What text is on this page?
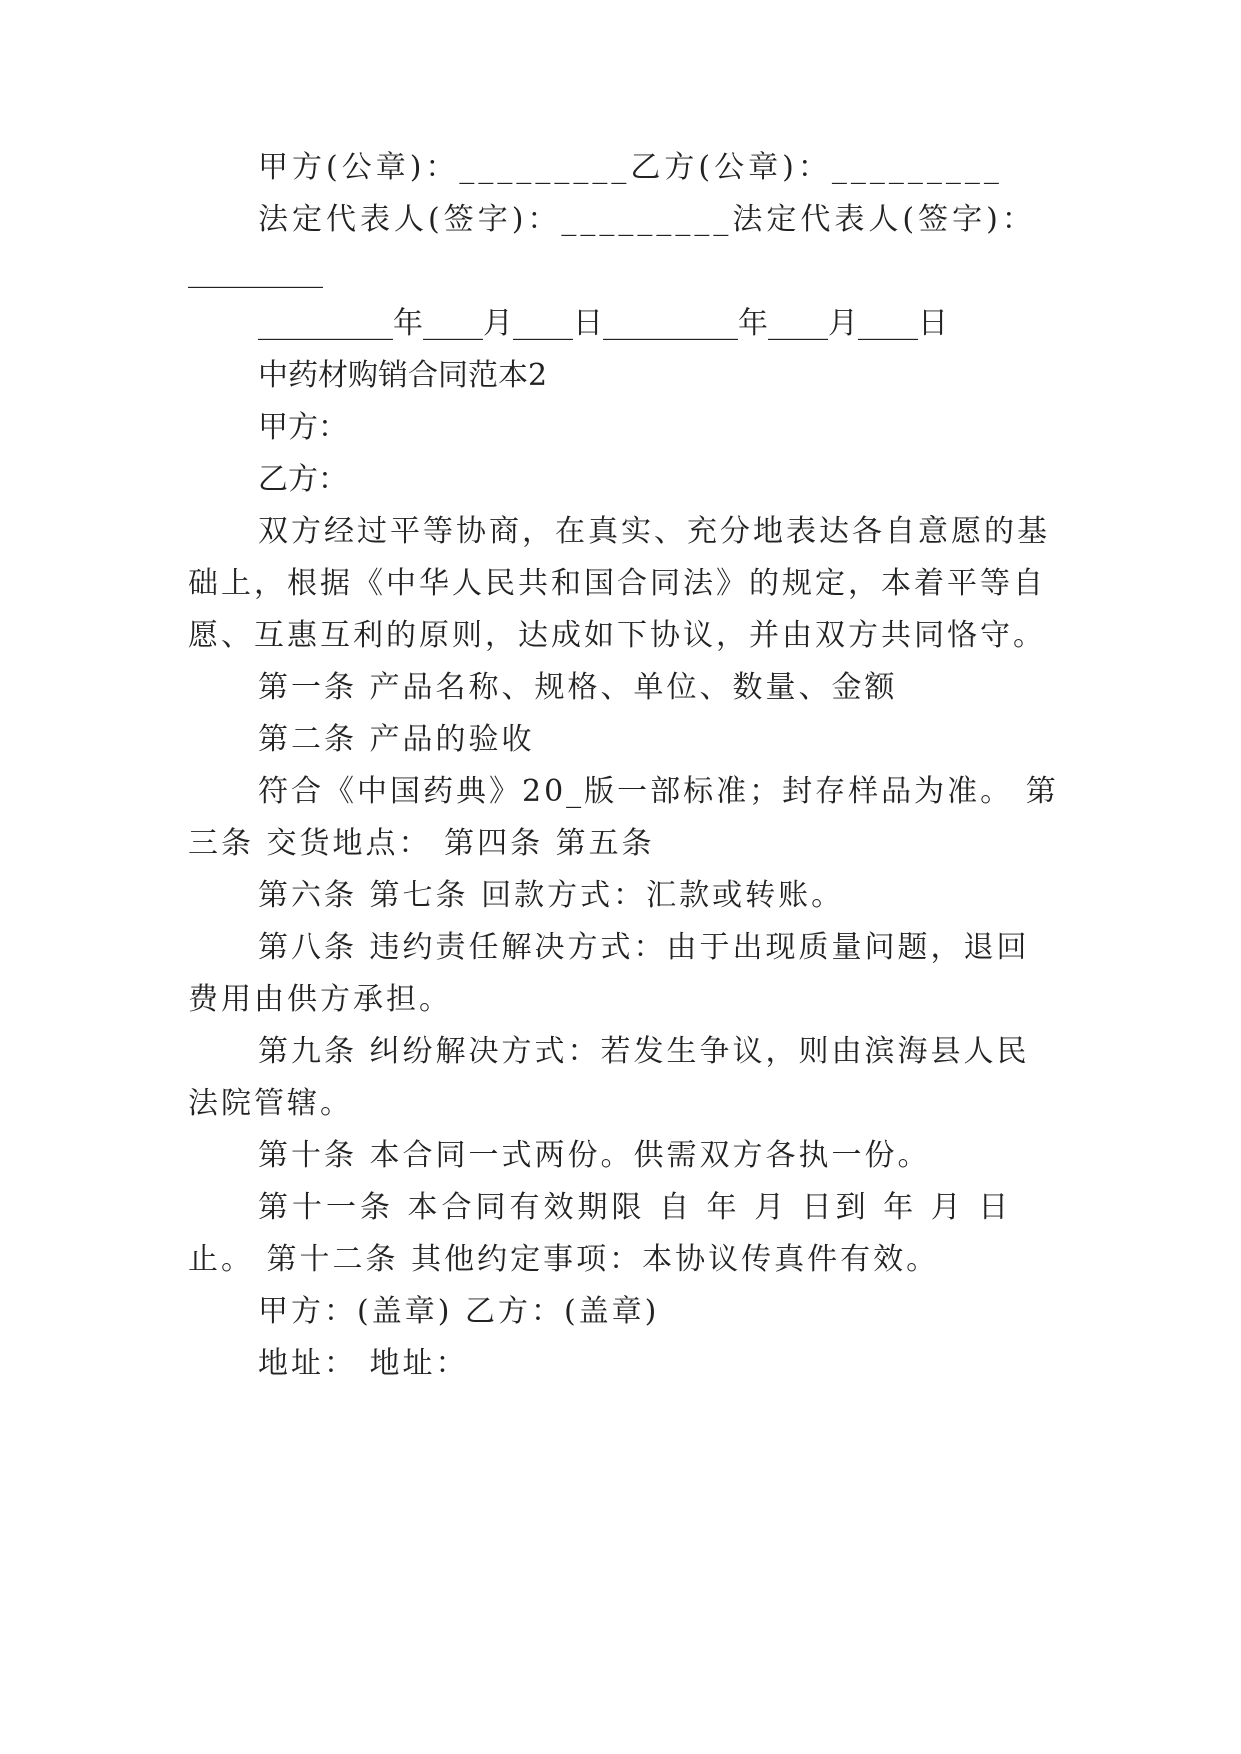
甲方(公章)：_________乙方(公章)：_________
法定代表人(签字)：_________法定代表人(签字)：
_________
_________年____月____日_________年____月____日
中药材购销合同范本2
甲方：
乙方：
双方经过平等协商，在真实、充分地表达各自意愿的基
础上，根据《中华人民共和国合同法》的规定，本着平等自
愿、互惠互利的原则，达成如下协议，并由双方共同恪守。
第一条 产品名称、规格、单位、数量、金额
第二条 产品的验收
符合《中国药典》20_版一部标准；封存样品为准。 第
三条 交货地点： 第四条 第五条
第六条 第七条 回款方式：汇款或转账。
第八条 违约责任解决方式：由于出现质量问题，退回
费用由供方承担。
第九条 纠纷解决方式：若发生争议，则由滨海县人民
法院管辖。
第十条 本合同一式两份。供需双方各执一份。
第十一条 本合同有效期限 自 年 月 日到 年 月 日
止。 第十二条 其他约定事项：本协议传真件有效。
甲方：(盖章) 乙方：(盖章)
地址： 地址：
